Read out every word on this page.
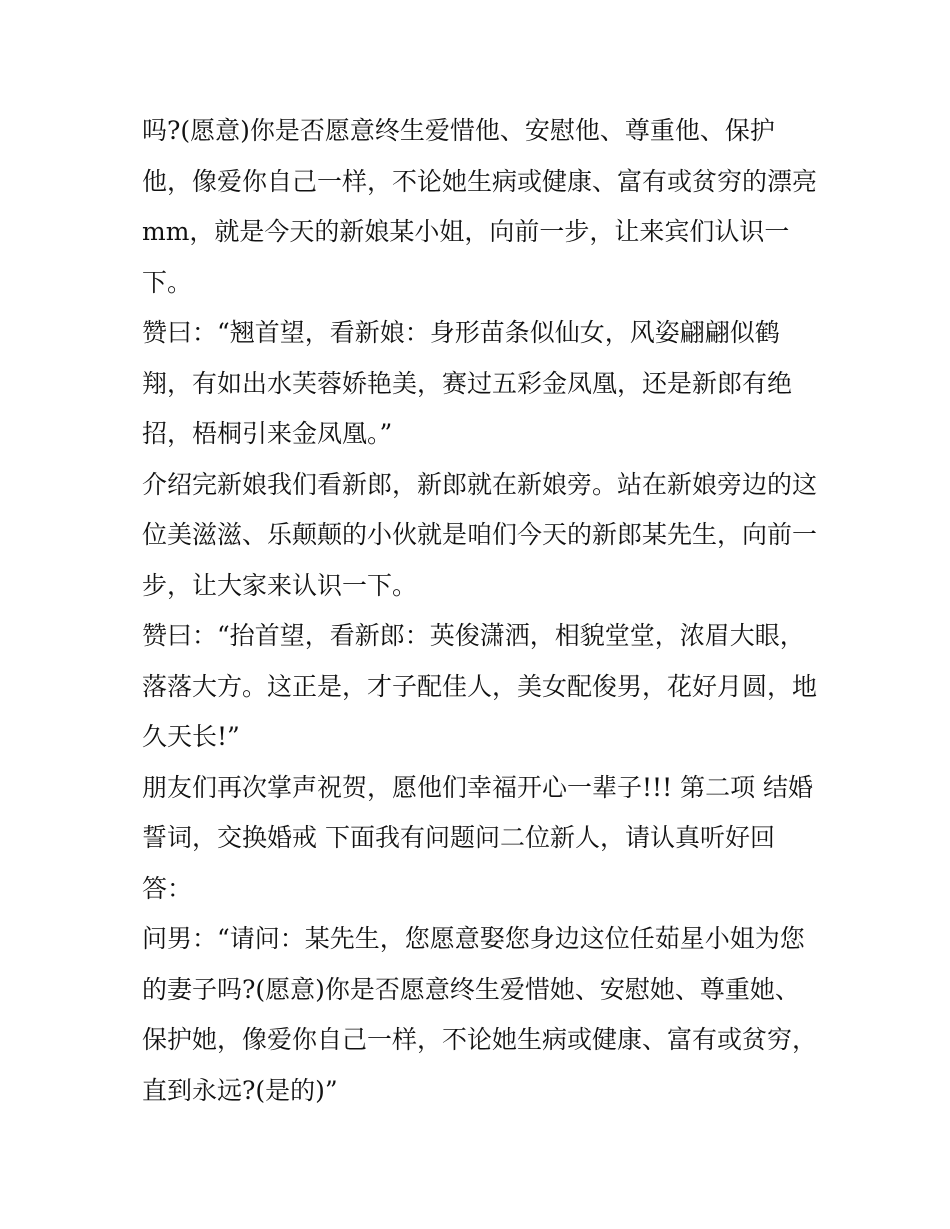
吗?(愿意)你是否愿意终生爱惜他、安慰他、尊重他、保护
他，像爱你自己一样，不论她生病或健康、富有或贫穷的漂亮
mm，就是今天的新娘某小姐，向前一步，让来宾们认识一
下。
赞曰：“翘首望，看新娘：身形苗条似仙女，风姿翩翩似鹤
翔，有如出水芙蓉娇艳美，赛过五彩金凤凰，还是新郎有绝
招，梧桐引来金凤凰。”
介绍完新娘我们看新郎，新郎就在新娘旁。站在新娘旁边的这
位美滋滋、乐颠颠的小伙就是咱们今天的新郎某先生，向前一
步，让大家来认识一下。
赞曰：“抬首望，看新郎：英俊潇洒，相貌堂堂，浓眉大眼，
落落大方。这正是，才子配佳人，美女配俊男，花好月圆，地
久天长!”
朋友们再次掌声祝贺，愿他们幸福开心一辈子!!! 第二项 结婚
誓词，交换婚戒 下面我有问题问二位新人，请认真听好回
答：
问男：“请问：某先生，您愿意娶您身边这位任茹星小姐为您
的妻子吗?(愿意)你是否愿意终生爱惜她、安慰她、尊重她、
保护她，像爱你自己一样，不论她生病或健康、富有或贫穷，
直到永远?(是的)”
